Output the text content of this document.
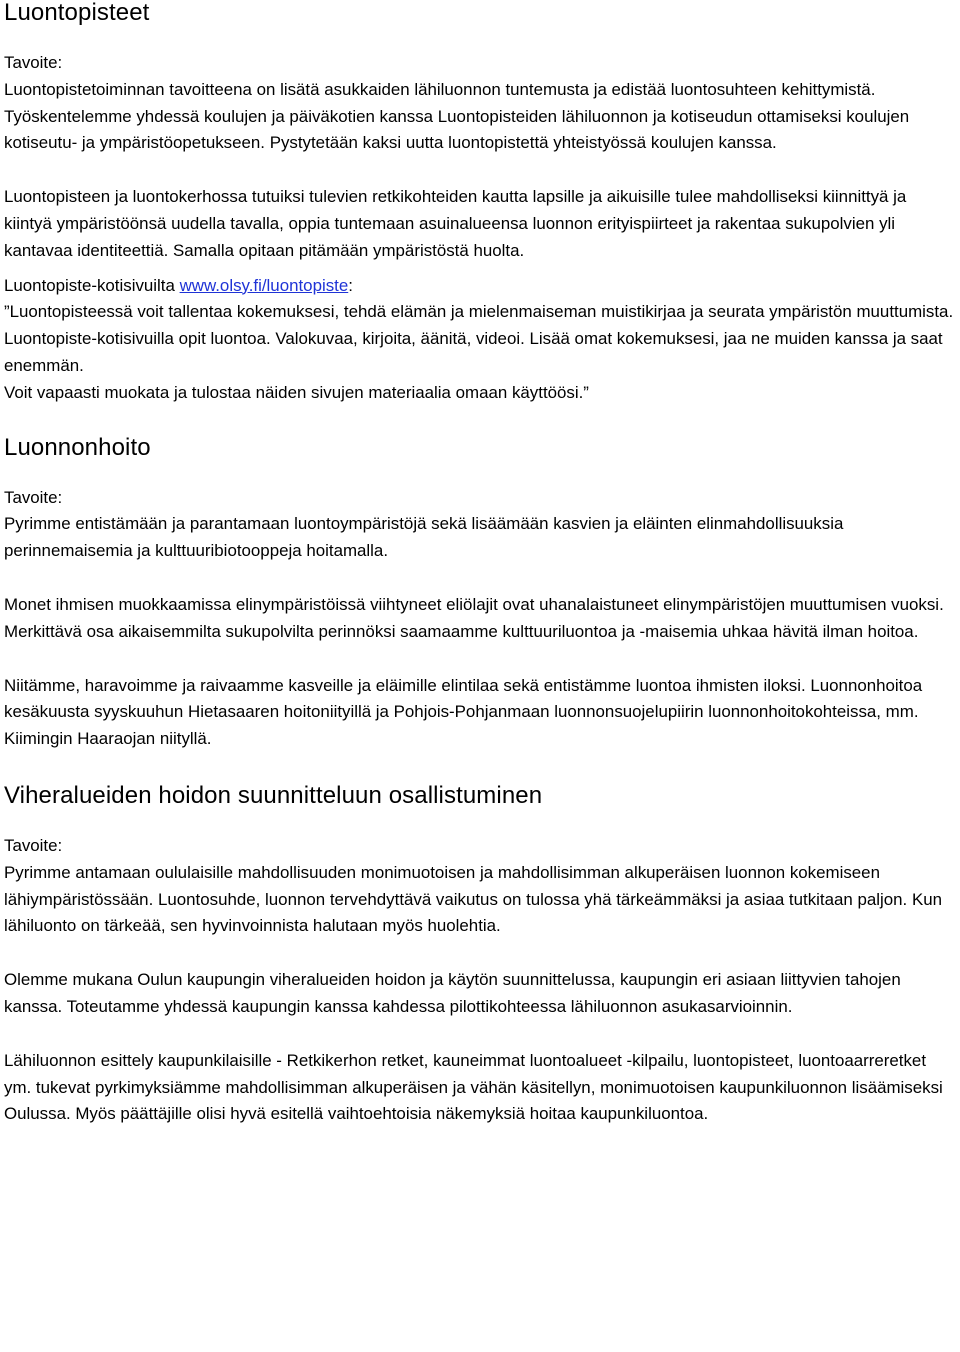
Luontopisteet

Tavoite:

Luontopistetoiminnan tavoitteena on lisätä asukkaiden lähiluonnon tuntemusta ja edistää luontosuhteen kehittymistä. Työskentelemme yhdessä koulujen ja päiväkotien kanssa Luontopisteiden lähiluonnon ja kotiseudun ottamiseksi koulujen kotiseutu- ja ympäristöopetukseen. Pystytetään kaksi uutta luontopistettä yhteistyössä koulujen kanssa.

Luontopisteen ja luontokerhossa tutuiksi tulevien retkikohteiden kautta lapsille ja aikuisille tulee mahdolliseksi kiinnittyä ja kiintyä ympäristöönsä uudella tavalla, oppia tuntemaan asuinalueensa luonnon erityispiirteet ja rakentaa sukupolvien yli kantavaa identiteettiä. Samalla opitaan pitämään ympäristöstä huolta.

Luontopiste-kotisivuilta www.olsy.fi/luontopiste:

”Luontopisteessä voit tallentaa kokemuksesi, tehdä elämän ja mielenmaiseman muistikirjaa ja seurata ympäristön muuttumista.

Luontopiste-kotisivuilla opit luontoa. Valokuvaa, kirjoita, äänitä, videoi. Lisää omat kokemuksesi, jaa ne muiden kanssa ja saat enemmän.

Voit vapaasti muokata ja tulostaa näiden sivujen materiaalia omaan käyttöösi.”

Luonnonhoito

Tavoite:

Pyrimme entistämään ja parantamaan luontoympäristöjä sekä lisäämään kasvien ja eläinten elinmahdollisuuksia perinnemaisemia ja kulttuuribiotooppeja hoitamalla.

Monet ihmisen muokkaamissa elinympäristöissä viihtyneet eliölajit ovat uhanalaistuneet elinympäristöjen muuttumisen vuoksi. Merkittävä osa aikaisemmilta sukupolvilta perinnöksi saamaamme kulttuuriluontoa ja -maisemia uhkaa hävitä ilman hoitoa.

Niitämme, haravoimme ja raivaamme kasveille ja eläimille elintilaa sekä entistämme luontoa ihmisten iloksi. Luonnonhoitoa kesäkuusta syyskuuhun Hietasaaren hoitoniityillä ja Pohjois-Pohjanmaan luonnonsuojelupiirin luonnonhoitokohteissa, mm. Kiimingin Haaraojan niityllä.

Viheralueiden hoidon suunnitteluun osallistuminen

Tavoite:

Pyrimme antamaan oululaisille mahdollisuuden monimuotoisen ja mahdollisimman alkuperäisen luonnon kokemiseen lähiympäristössään. Luontosuhde, luonnon tervehdyttävä vaikutus on tulossa yhä tärkeämmäksi ja asiaa tutkitaan paljon. Kun lähiluonto on tärkeää, sen hyvinvoinnista halutaan myös huolehtia.

Olemme mukana Oulun kaupungin viheralueiden hoidon ja käytön suunnittelussa, kaupungin eri asiaan liittyvien tahojen kanssa. Toteutamme yhdessä kaupungin kanssa kahdessa pilottikohteessa lähiluonnon asukasarvioinnin.

Lähiluonnon esittely kaupunkilaisille - Retkikerhon retket, kauneimmat luontoalueet -kilpailu, luontopisteet, luontoaarreretket ym. tukevat pyrkimyksiämme mahdollisimman alkuperäisen ja vähän käsitellyn, monimuotoisen kaupunkiluonnon lisäämiseksi Oulussa. Myös päättäjille olisi hyvä esitellä vaihtoehtoisia näkemyksiä hoitaa kaupunkiluontoa.
